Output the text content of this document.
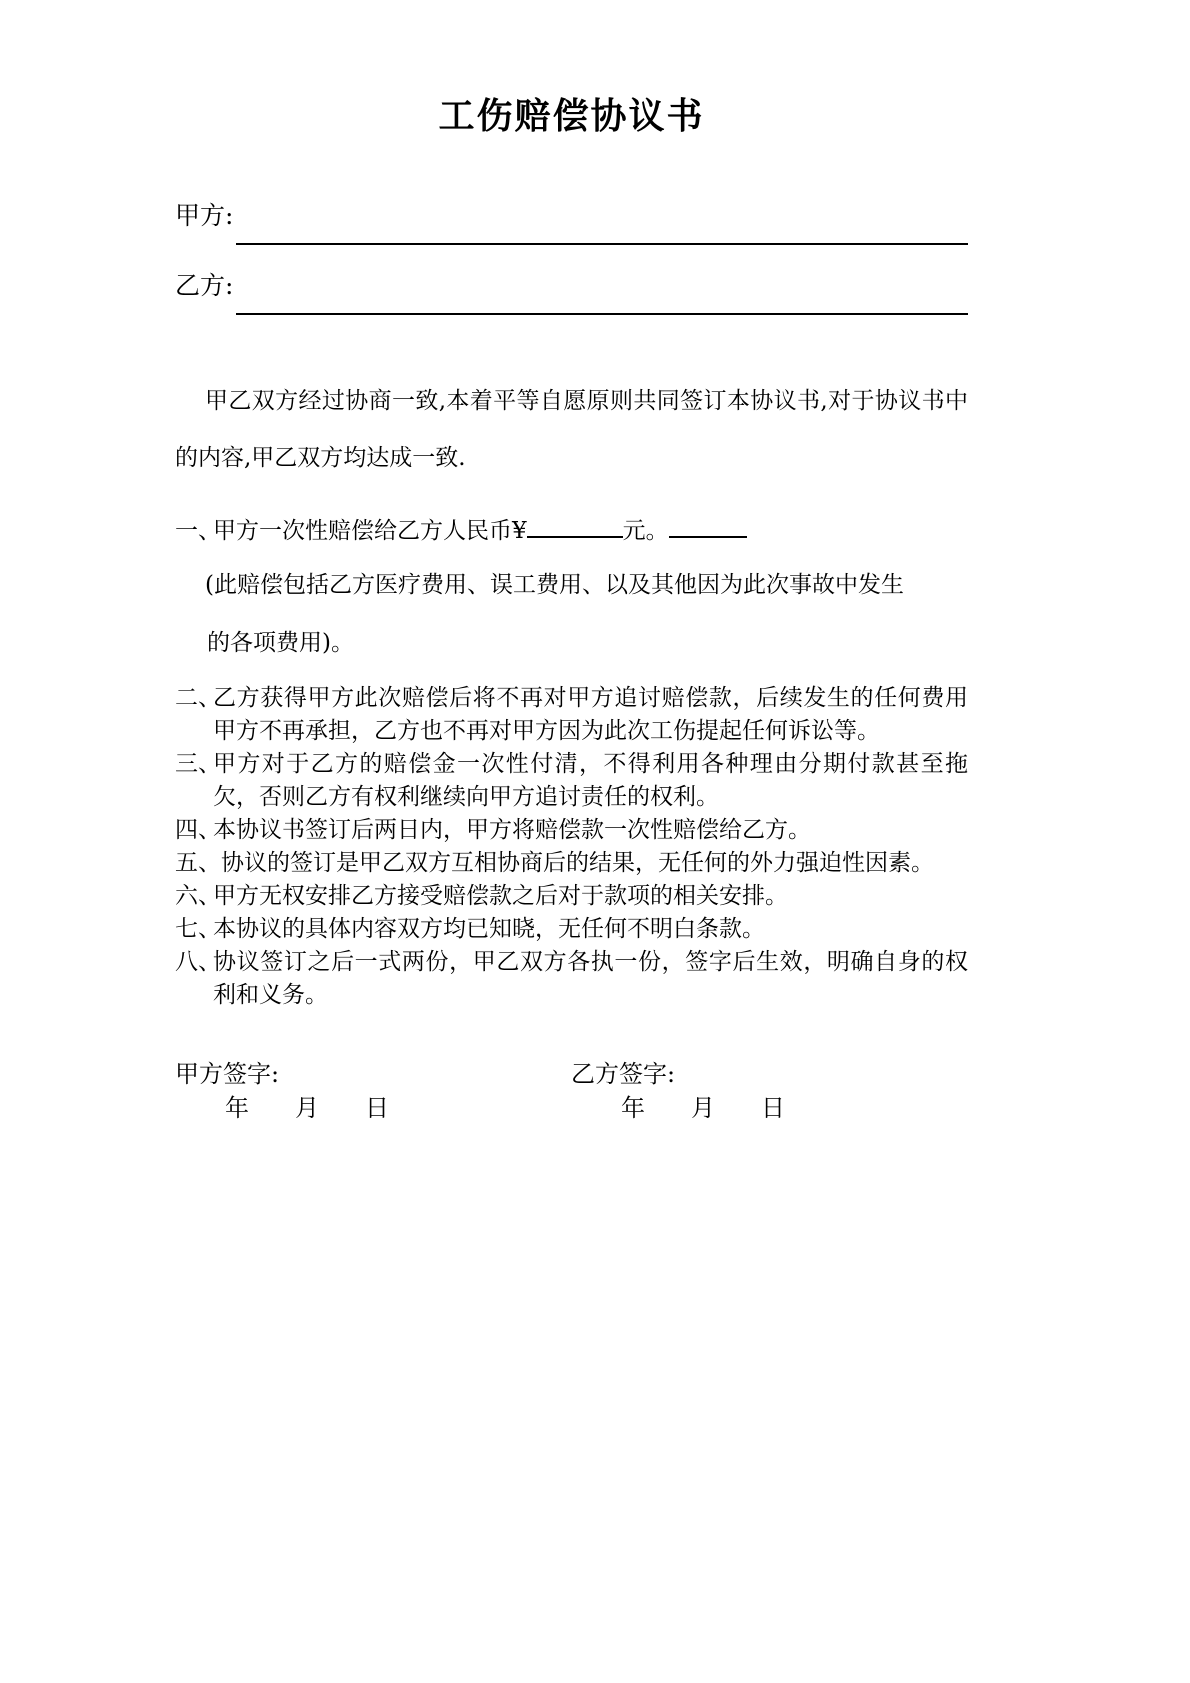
工伤赔偿协议书
甲方:
乙方:

甲乙双方经过协商一致,本着平等自愿原则共同签订本协议书,对于协议书中的内容,甲乙双方均达成一致.

一、甲方一次性赔偿给乙方人民币¥	元。
(此赔偿包括乙方医疗费用、误工费用、以及其他因为此次事故中发生
的各项费用)。
二、
乙方获得甲方此次赔偿后将不再对甲方追讨赔偿款，后续发生的任何费用甲方不再承担，乙方也不再对甲方因为此次工伤提起任何诉讼等。
三、
甲方对于乙方的赔偿金一次性付清，不得利用各种理由分期付款甚至拖欠，否则乙方有权利继续向甲方追讨责任的权利。
四、
本协议书签订后两日内，甲方将赔偿款一次性赔偿给乙方。
五、协议的签订是甲乙双方互相协商后的结果，无任何的外力强迫性因素。
六、
甲方无权安排乙方接受赔偿款之后对于款项的相关安排。
七、
本协议的具体内容双方均已知晓，无任何不明白条款。
八、
协议签订之后一式两份，甲乙双方各执一份，签字后生效，明确自身的权利和义务。
甲方签字:
年 月 日
乙方签字:
年 月 日
